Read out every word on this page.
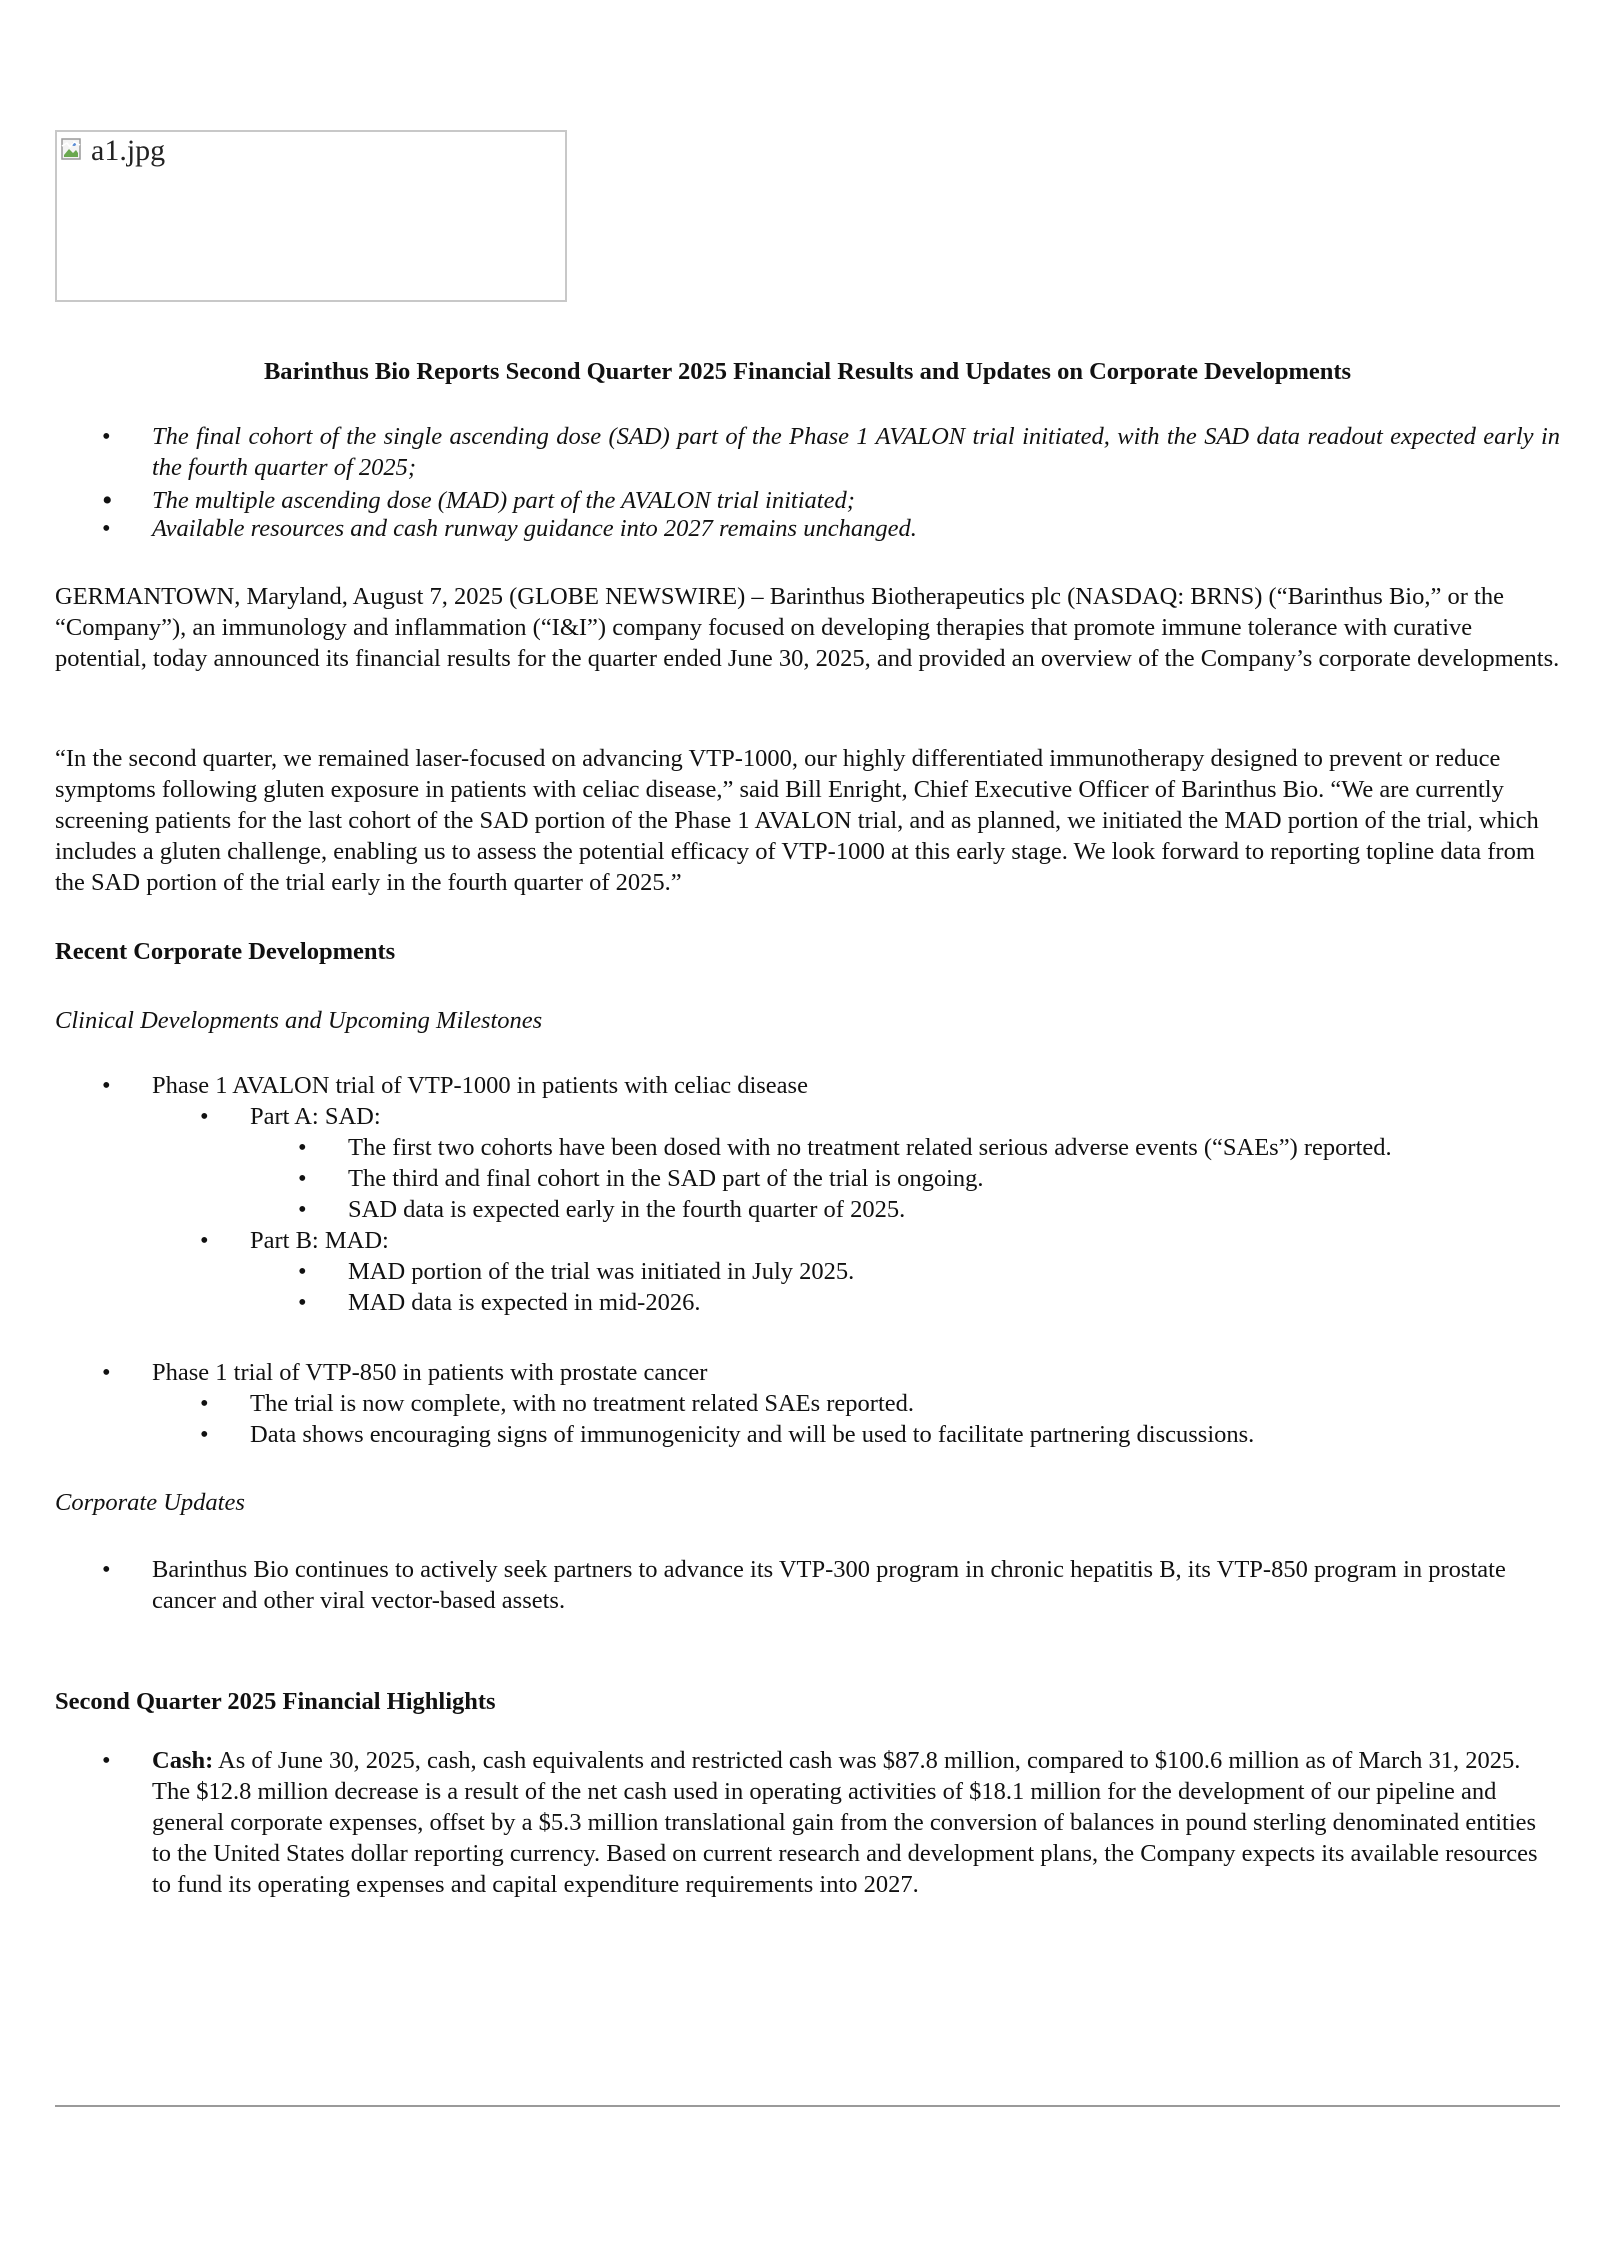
a1.jpg
Barinthus Bio Reports Second Quarter 2025 Financial Results and Updates on Corporate Developments
• The final cohort of the single ascending dose (SAD) part of the Phase 1 AVALON trial initiated, with the SAD data readout expected early in the fourth quarter of 2025;
• The multiple ascending dose (MAD) part of the AVALON trial initiated;
• Available resources and cash runway guidance into 2027 remains unchanged.

GERMANTOWN, Maryland, August 7, 2025 (GLOBE NEWSWIRE) – Barinthus Biotherapeutics plc (NASDAQ: BRNS) (“Barinthus Bio,” or the “Company”), an immunology and inflammation (“I&I”) company focused on developing therapies that promote immune tolerance with curative potential, today announced its financial results for the quarter ended June 30, 2025, and provided an overview of the Company’s corporate developments.

“In the second quarter, we remained laser-focused on advancing VTP-1000, our highly differentiated immunotherapy designed to prevent or reduce symptoms following gluten exposure in patients with celiac disease,” said Bill Enright, Chief Executive Officer of Barinthus Bio. “We are currently screening patients for the last cohort of the SAD portion of the Phase 1 AVALON trial, and as planned, we initiated the MAD portion of the trial, which includes a gluten challenge, enabling us to assess the potential efficacy of VTP-1000 at this early stage. We look forward to reporting topline data from the SAD portion of the trial early in the fourth quarter of 2025.”

Recent Corporate Developments

Clinical Developments and Upcoming Milestones

• Phase 1 AVALON trial of VTP-1000 in patients with celiac disease
• Part A: SAD:
• The first two cohorts have been dosed with no treatment related serious adverse events (“SAEs”) reported.
• The third and final cohort in the SAD part of the trial is ongoing.
• SAD data is expected early in the fourth quarter of 2025.
• Part B: MAD:
• MAD portion of the trial was initiated in July 2025.
• MAD data is expected in mid-2026.
• Phase 1 trial of VTP-850 in patients with prostate cancer
• The trial is now complete, with no treatment related SAEs reported.
• Data shows encouraging signs of immunogenicity and will be used to facilitate partnering discussions.

Corporate Updates

• Barinthus Bio continues to actively seek partners to advance its VTP-300 program in chronic hepatitis B, its VTP-850 program in prostate cancer and other viral vector-based assets.

Second Quarter 2025 Financial Highlights

• Cash: As of June 30, 2025, cash, cash equivalents and restricted cash was $87.8 million, compared to $100.6 million as of March 31, 2025. The $12.8 million decrease is a result of the net cash used in operating activities of $18.1 million for the development of our pipeline and general corporate expenses, offset by a $5.3 million translational gain from the conversion of balances in pound sterling denominated entities to the United States dollar reporting currency. Based on current research and development plans, the Company expects its available resources to fund its operating expenses and capital expenditure requirements into 2027.
